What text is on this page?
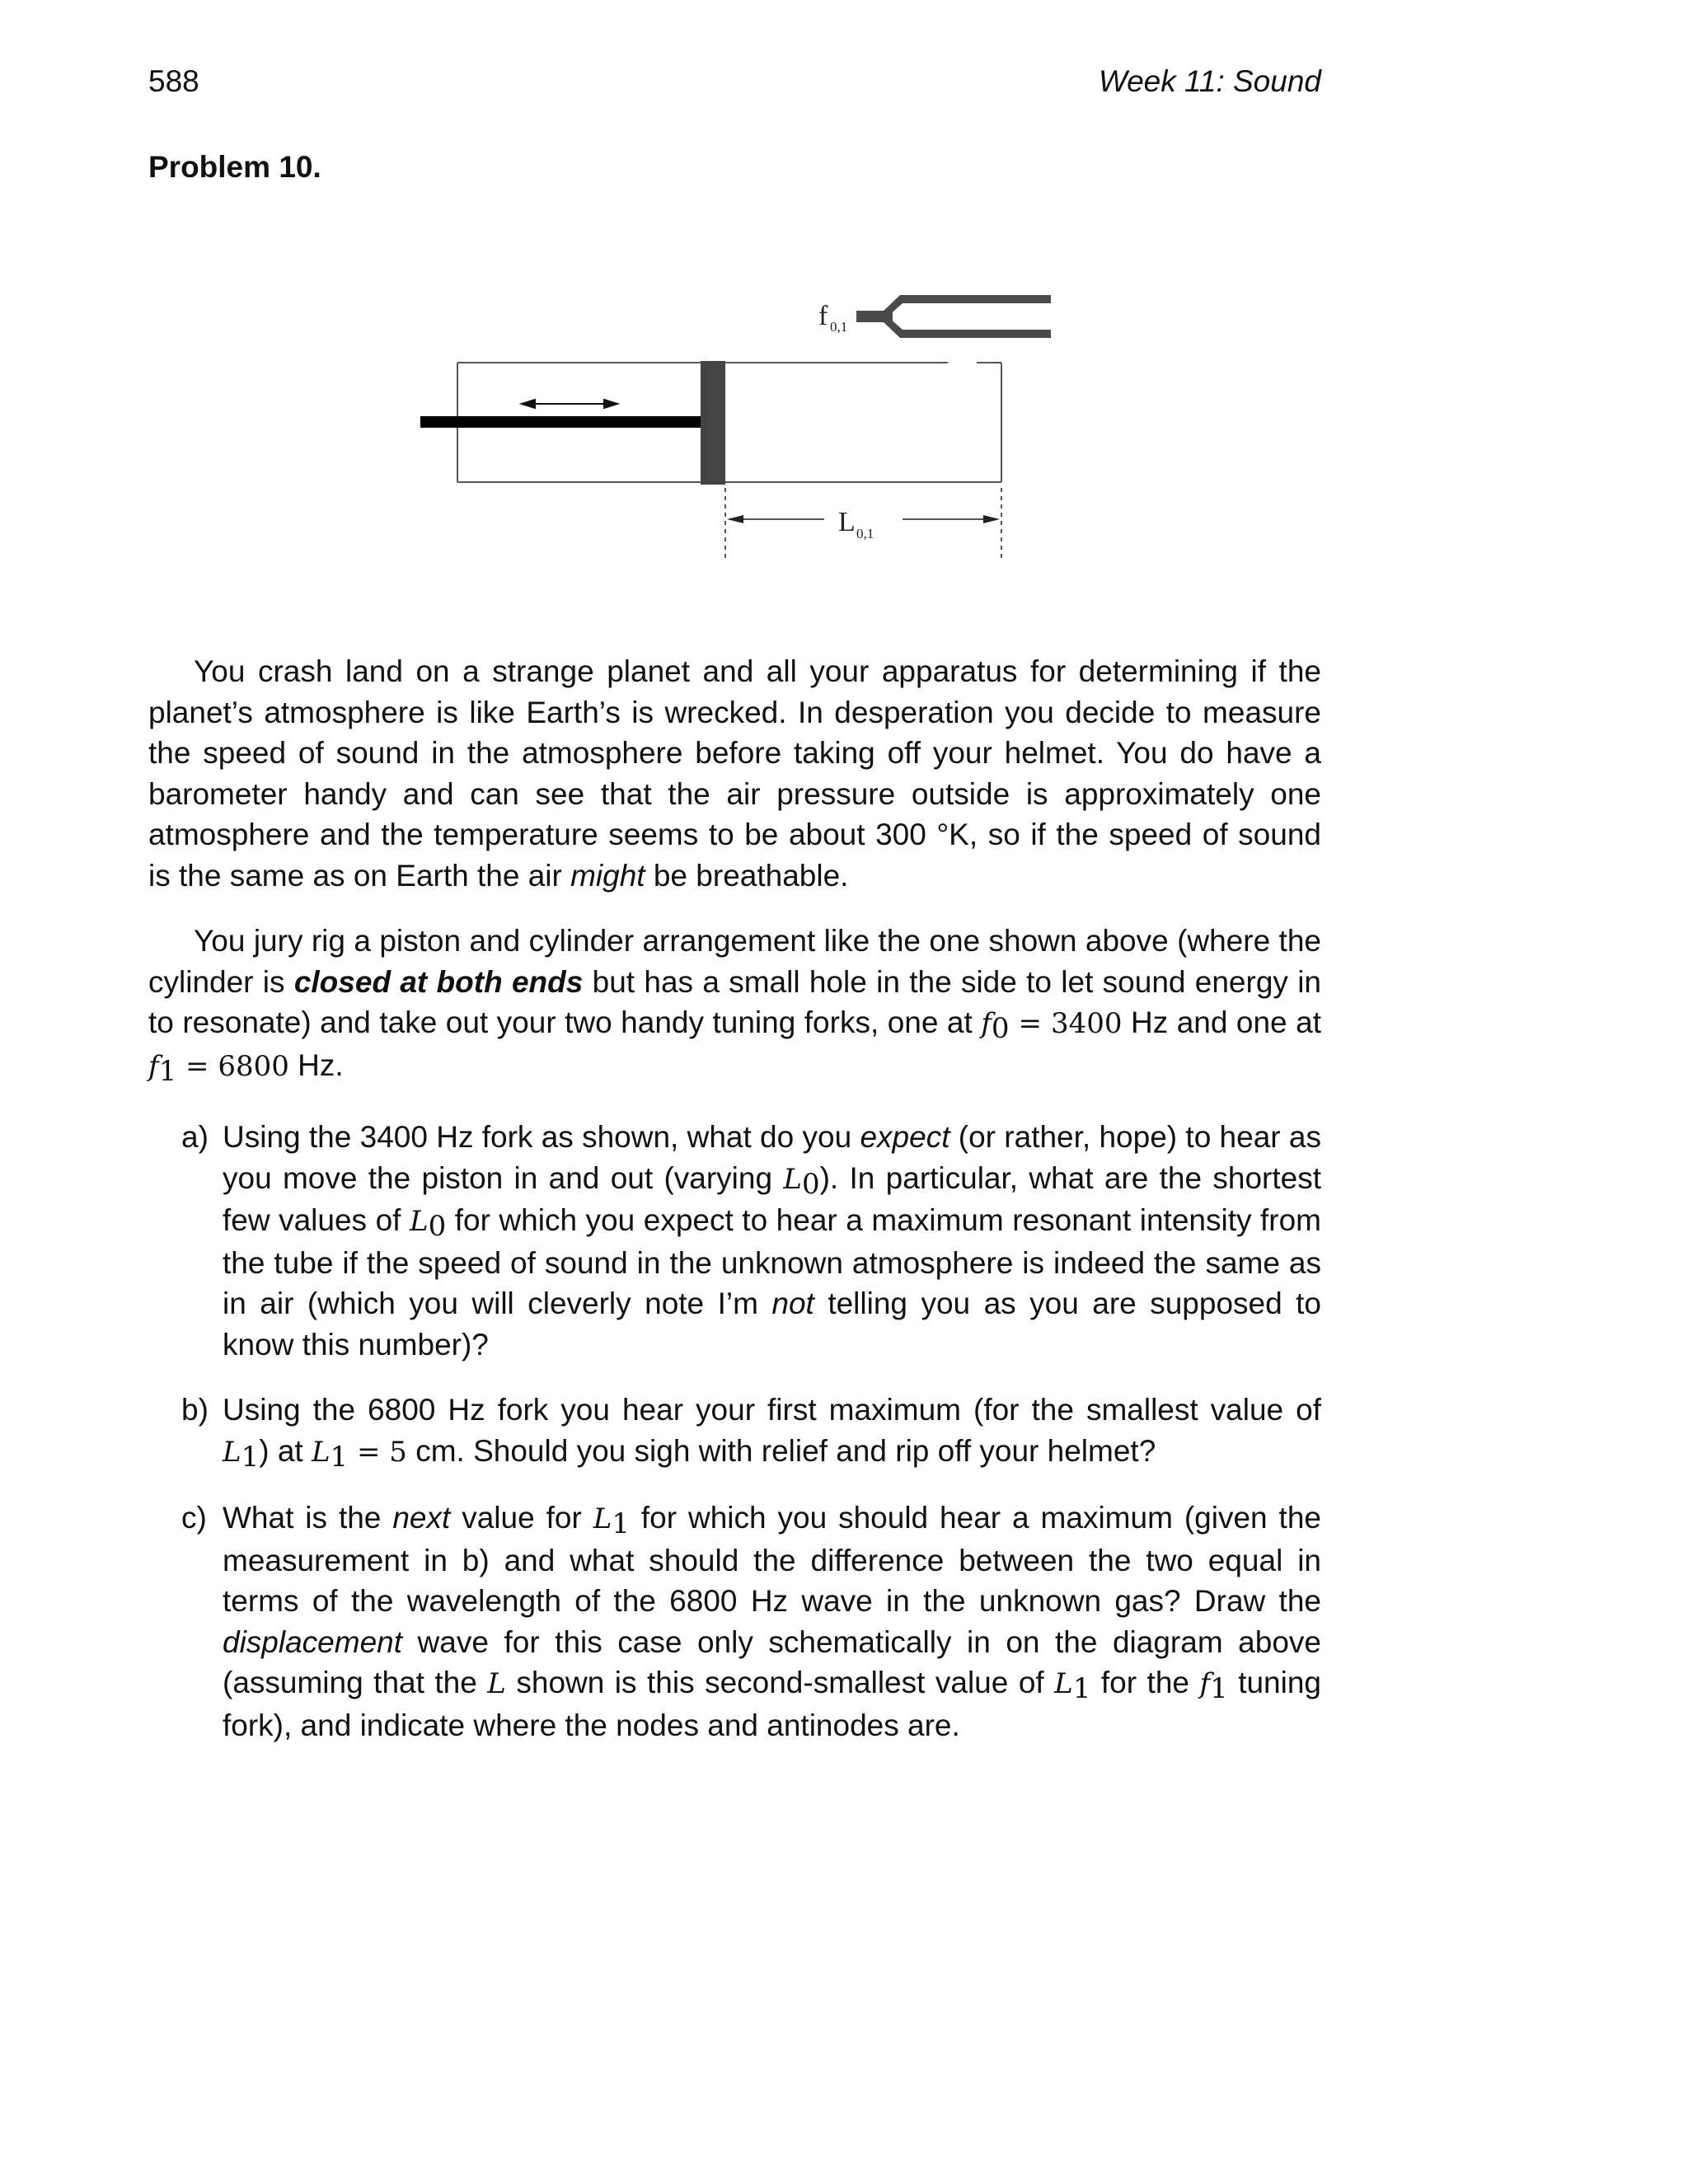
588	Week 11: Sound
Problem 10.
f 0,1
L 0,1

You crash land on a strange planet and all your apparatus for determining if the planet’s atmosphere is like Earth’s is wrecked. In desperation you decide to measure the speed of sound in the atmosphere before taking off your helmet. You do have a barometer handy and can see that the air pressure outside is approximately one atmosphere and the temperature seems to be about 300 °K, so if the speed of sound is the same as on Earth the air might be breathable.

You jury rig a piston and cylinder arrangement like the one shown above (where the cylinder is closed at both ends but has a small hole in the side to let sound energy in to resonate) and take out your two handy tuning forks, one at $f_0 = 3400$ Hz and one at $f_1 = 6800$ Hz.

a) Using the 3400 Hz fork as shown, what do you expect (or rather, hope) to hear as you move the piston in and out (varying $L_0$). In particular, what are the shortest few values of $L_0$ for which you expect to hear a maximum resonant intensity from the tube if the speed of sound in the unknown atmosphere is indeed the same as in air (which you will cleverly note I’m not telling you as you are supposed to know this number)?
b) Using the 6800 Hz fork you hear your first maximum (for the smallest value of $L_1$) at $L_1 = 5$ cm. Should you sigh with relief and rip off your helmet?
c) What is the next value for $L_1$ for which you should hear a maximum (given the measurement in b) and what should the difference between the two equal in terms of the wavelength of the 6800 Hz wave in the unknown gas? Draw the displacement wave for this case only schematically in on the diagram above (assuming that the L shown is this second-smallest value of $L_1$ for the $f_1$ tuning fork), and indicate where the nodes and antinodes are.
